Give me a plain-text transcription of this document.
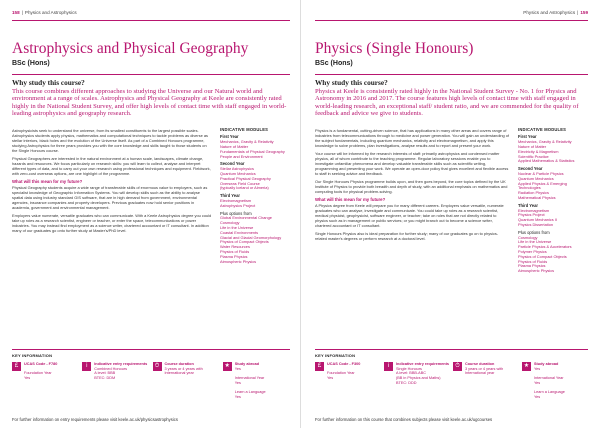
158 | Physics and Astrophysics
Astrophysics and Physical Geography
BSc (Hons)
Why study this course?

This course combines different approaches to studying the Universe and our Natural world and environment at a range of scales. Astrophysics and Physical Geography at Keele are consistently rated highly in the National Student Survey, and offer high levels of contact time with staff engaged in world-leading astrophysics and geography research.

Astrophysicists seek to understand the universe, from its smallest constituents to the largest possible scales. Astrophysics students apply physics, mathematics and computational techniques to tackle problems as diverse as stellar interiors, black holes and the evolution of the Universe itself. As part of a Combined Honours programme, studying Astrophysics for three years provides you with the core knowledge and skills taught to those students on the Single Honours course.

Physical Geographers are interested in the natural environment at a human scale, landscapes, climate change, hazards and resources. We focus particularly on research skills: you will learn to collect, analyse and interpret different types of data, and to carry out your own research using professional techniques and equipment. Fieldwork, with zero-cost overseas options, are one highlight of the programme.

What will this mean for my future?

Physical Geography students acquire a wide range of transferable skills of enormous value to employers, such as specialist knowledge of Geographic Information Systems. You will develop skills such as the ability to analyse spatial data using industry standard GIS software, that are in high demand from government, environmental agencies, insurance companies and property developers. Previous graduates now hold senior positions in academia, government and environmental management.

Employers value numerate, versatile graduates who can communicate. With a Keele Astrophysics degree you could take up roles as a research scientist, engineer or teacher, or enter the space, telecommunications or power industries. You may instead find employment as a science writer, chartered accountant or IT consultant. In addition many of our graduates go onto further study at Master's/PhD level.

INDICATIVE MODULES
First Year
Mechanics, Gravity & Relativity
Nature of Matter
Fundamentals of Physical Geography
People and Environment
Second Year
Stellar Astrophysics
Quantum Mechanics
Practical Physical Geography
Overseas Field Course
(typically Iceland or Almeria)
Third Year
Electromagnetism
Astrophysics Project
Plus options from
Global Environmental Change
Cosmology
Life in the Universe
Coastal Environments
Glacial and Glacial Geomorphology
Physics of Compact Objects
Water Resources
Physics of Fluids
Plasma Physics
Atmospheric Physics
KEY INFORMATION
£	UCAS Code - F780

Foundation Year
Yes
i	Indicative entry requirements
Combined Honours
A level: BBB
BTEC: DDM
⏱	Course duration
3 years or 4 years with International year
★	Study abroad
Yes

International Year
Yes

Learn a Language
Yes
For further information on entry requirements please visit keele.ac.uk/physicsastrophysics
Physics and Astrophysics | 159
Physics (Single Honours)
BSc (Hons)
Why study this course?

Physics at Keele is consistently rated highly in the National Student Survey - No. 1 for Physics and Astronomy in 2016 and 2017. The course features high levels of contact time with staff engaged in world-leading research, an exceptional staff/ student ratio, and we are commended for the quality of feedback and advice we give to students.

Physics is a fundamental, cutting-driven science, that has applications in many other areas and covers range of industries from telecommunications through to medicine and power generation. You will gain an understanding of the subject fundamentals, including quantum mechanics, relativity and electromagnetism, and apply this knowledge to solve problems, plan investigations, analyse results and to report and present your work.

Your course will be informed by the research interests of staff: primarily astrophysics and condensed matter physics, all of whom contribute to the teaching programme. Regular laboratory sessions enable you to investigate unfamiliar phenomena and develop valuable transferable skills such as scientific writing, programming and presenting your work. We operate an open-door policy that gives excellent and flexible access to staff in seeking advice and feedback.

Our Single Honours Physics programme builds upon, and then goes beyond, the core topics defined by the UK Institute of Physics to provide both breadth and depth of study, with an additional emphasis on mathematics and computing tools for physical problem-solving.

What will this mean for my future?

A Physics degree from Keele will prepare you for many different careers. Employers value versatile, numerate graduates who can analyse, investigate and communicate. You could take up roles as a research scientist, medical physicist, geophysicist, software engineer, or teacher; take on roles that are not directly related to physics such as in management or public services; or you might branch out to become a science writer, chartered accountant or IT consultant.

Single Honours Physics also is ideal preparation for further study; many of our graduates go on to physics-related master's degrees or perform research at a doctoral level.

INDICATIVE MODULES
First Year
Mechanics, Gravity & Relativity
Nature of Matter
Electricity & Magnetism
Scientific Practice
Applied Mathematics & Statistics
Second Year
Nuclear & Particle Physics
Quantum Mechanics
Applied Physics & Emerging Technologies
Radiation Physics
Mathematical Physics
Third Year
Electromagnetism
Physics Project
Quantum Mechanics II
Physics Dissertation
Plus options from
Cosmology
Life in the Universe
Particle Physics & Accelerators
Polymer Physics
Physics of Compact Objects
Physics of Fluids
Plasma Physics
Atmospheric Physics
KEY INFORMATION
£	UCAS Code - F300

Foundation Year
Yes
i	Indicative entry requirements
Single Honours
A level: BBB-ABC
(BB in Physics and Maths)
BTEC: DDD
⏱	Course duration
3 years or 4 years with International year
★	Study abroad
Yes

International Year
Yes

Learn a Language
Yes
For further information on this course that combines subjects please visit keele.ac.uk/ugcourses
